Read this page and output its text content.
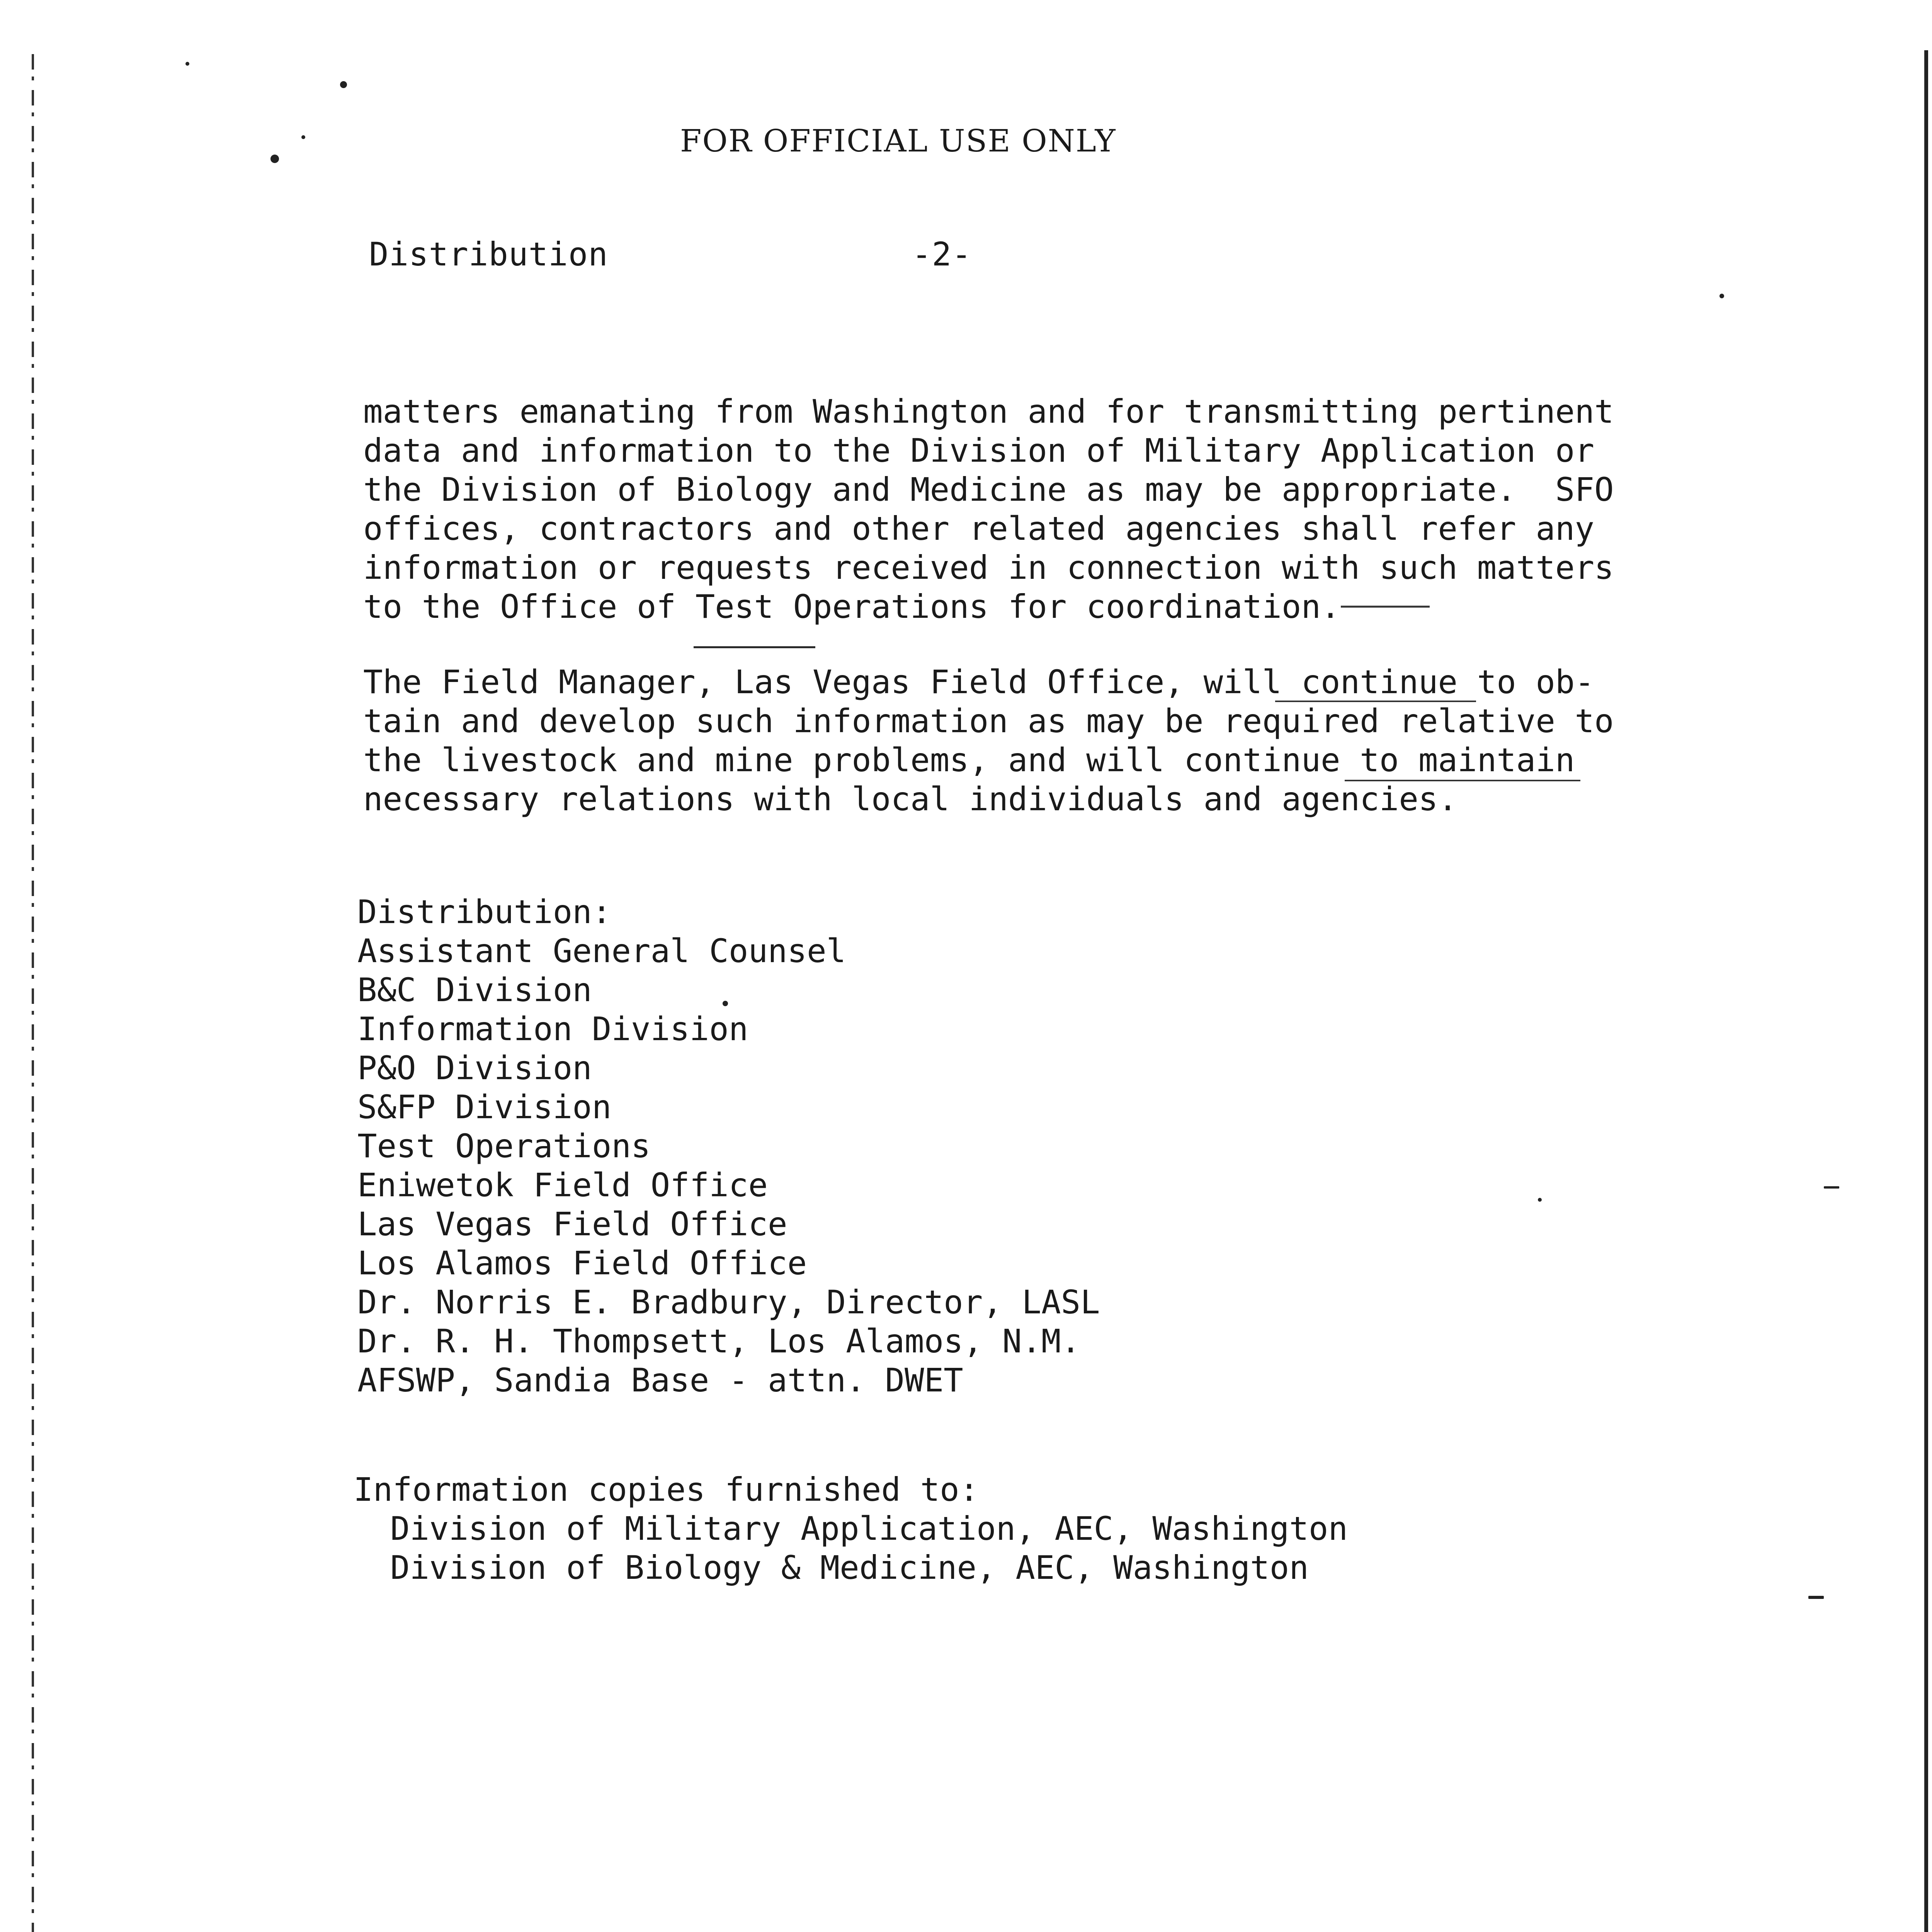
FOR OFFICIAL USE ONLY
Distribution	-2-
matters emanating from Washington and for transmitting pertinent
data and information to the Division of Military Application or
the Division of Biology and Medicine as may be appropriate.  SFO
offices, contractors and other related agencies shall refer any
information or requests received in connection with such matters
to the Office of Test Operations for coordination.
The Field Manager, Las Vegas Field Office, will continue to ob-
tain and develop such information as may be required relative to
the livestock and mine problems, and will continue to maintain
necessary relations with local individuals and agencies.
Distribution:
Assistant General Counsel
B&C Division
Information Division
P&O Division
S&FP Division
Test Operations
Eniwetok Field Office
Las Vegas Field Office
Los Alamos Field Office
Dr. Norris E. Bradbury, Director, LASL
Dr. R. H. Thompsett, Los Alamos, N.M.
AFSWP, Sandia Base - attn. DWET
Information copies furnished to:
Division of Military Application, AEC, Washington
Division of Biology & Medicine, AEC, Washington
